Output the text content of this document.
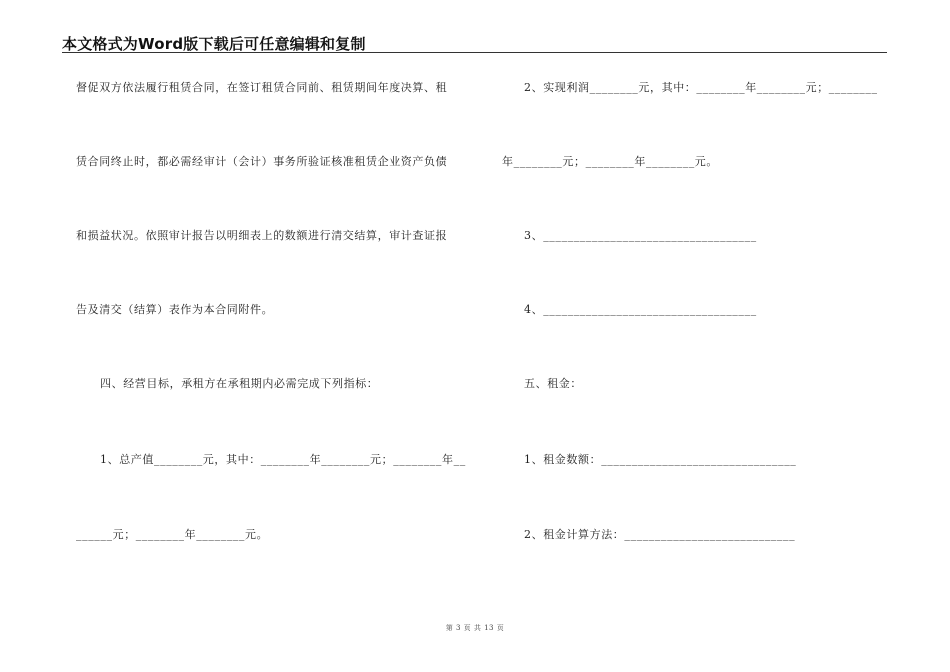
本文格式为Word版下载后可任意编辑和复制
督促双方依法履行租赁合同，在签订租赁合同前、租赁期间年度决算、租
赁合同终止时，都必需经审计（会计）事务所验证核准租赁企业资产负债
和损益状况。依照审计报告以明细表上的数额进行清交结算，审计查证报
告及清交（结算）表作为本合同附件。
四、经营目标，承租方在承租期内必需完成下列指标：
1、总产值________元，其中：________年________元；________年__
______元；________年________元。
2、实现利润________元，其中：________年________元；________
年________元；________年________元。
3、___________________________________
4、___________________________________
五、租金：
1、租金数额：________________________________
2、租金计算方法：____________________________
第 3 页 共 13 页
